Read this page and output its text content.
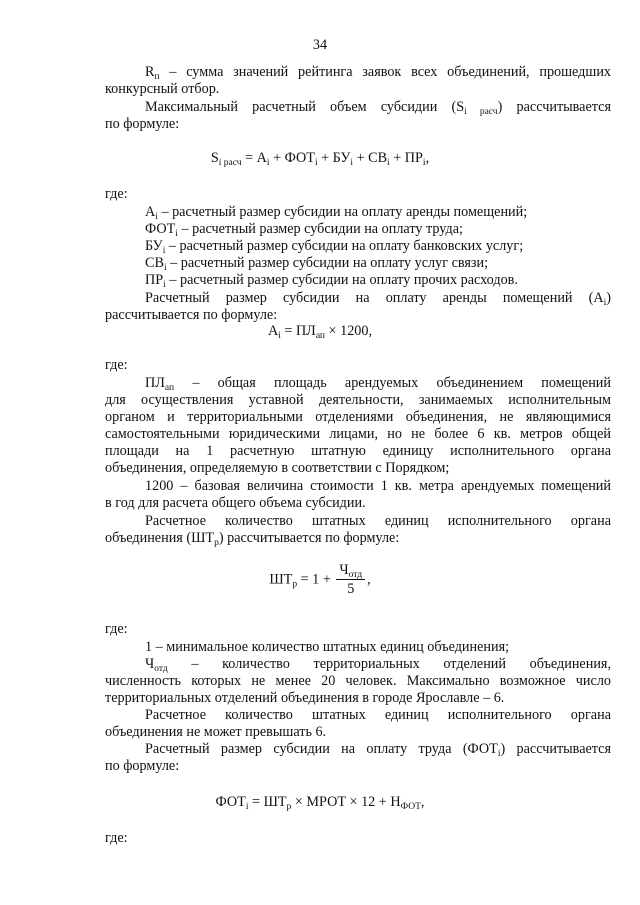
34
$R_п$ – сумма значений рейтинга заявок всех объединений, прошедших
конкурсный отбор.
Максимальный расчетный объем субсидии $(S_{i расч})$ рассчитывается
по формуле:
$S_{i расч} = A_i + ФОТ_i + БУ_i + СВ_i + ПР_i$,
где:
$A_i$ – расчетный размер субсидии на оплату аренды помещений;
$ФОТ_i$ – расчетный размер субсидии на оплату труда;
$БУ_i$ – расчетный размер субсидии на оплату банковских услуг;
$СВ_i$ – расчетный размер субсидии на оплату услуг связи;
$ПР_i$ – расчетный размер субсидии на оплату прочих расходов.
Расчетный размер субсидии на оплату аренды помещений $(А_i)$
рассчитывается по формуле:
$A_i = ПЛ_{ап} \times 1200$,
где:
$ПЛ_{ап}$ – общая площадь арендуемых объединением помещений
для осуществления уставной деятельности, занимаемых исполнительным
органом и территориальными отделениями объединения, не являющимися
самостоятельными юридическими лицами, но не более 6 кв. метров общей
площади на 1 расчетную штатную единицу исполнительного органа
объединения, определяемую в соответствии с Порядком;
1200 – базовая величина стоимости 1 кв. метра арендуемых помещений
в год для расчета общего объема субсидии.
Расчетное количество штатных единиц исполнительного органа
объединения $(ШТ_р)$ рассчитывается по формуле:
$ШТ_р = 1 + \frac{Ч_{отд}}{5}$ ,
где:
1 – минимальное количество штатных единиц объединения;
$Ч_{отд}$ – количество территориальных отделений объединения,
численность которых не менее 20 человек. Максимально возможное число
территориальных отделений объединения в городе Ярославле – 6.
Расчетное количество штатных единиц исполнительного органа
объединения не может превышать 6.
Расчетный размер субсидии на оплату труда $(ФОТ_i)$ рассчитывается
по формуле:
$ФОТ_i = ШТ_р$ × МРОТ × $12 + Н_{ФОТ}$,
где:
